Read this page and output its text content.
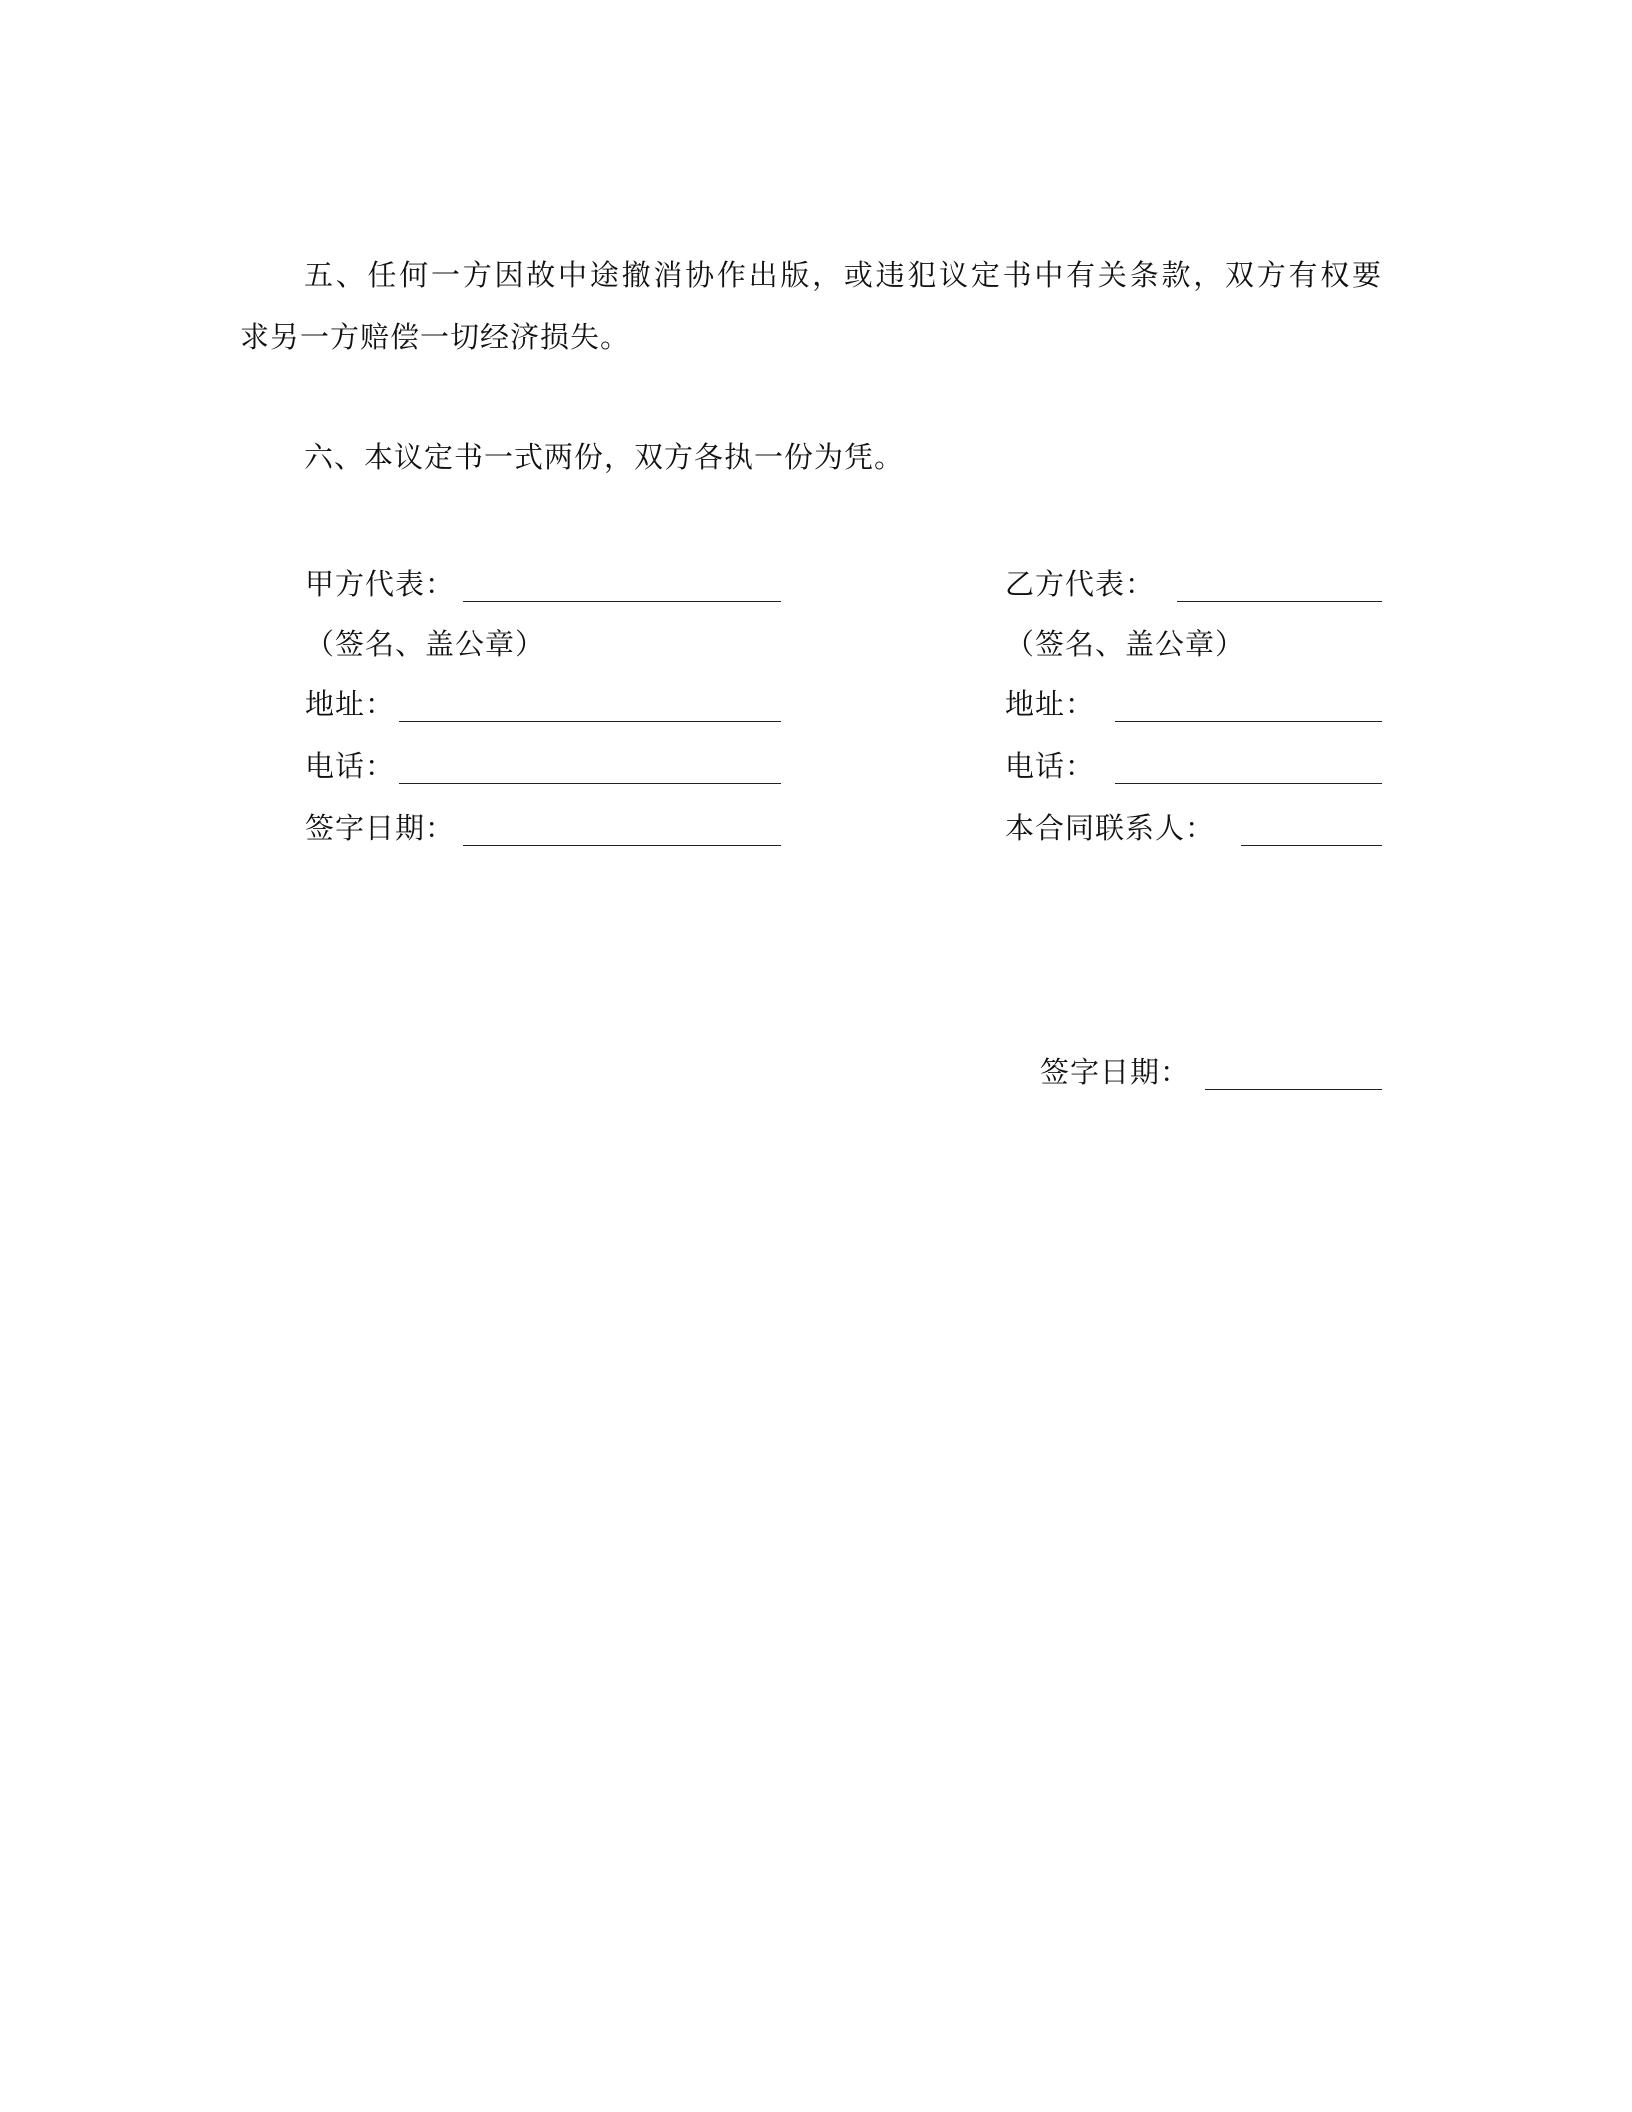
五、任何一方因故中途撤消协作出版，或违犯议定书中有关条款，双方有权要
求另一方赔偿一切经济损失。
六、本议定书一式两份，双方各执一份为凭。
甲方代表：
（签名、盖公章）
地址：
电话：
签字日期：
乙方代表：
（签名、盖公章）
地址：
电话：
本合同联系人：
签字日期：
